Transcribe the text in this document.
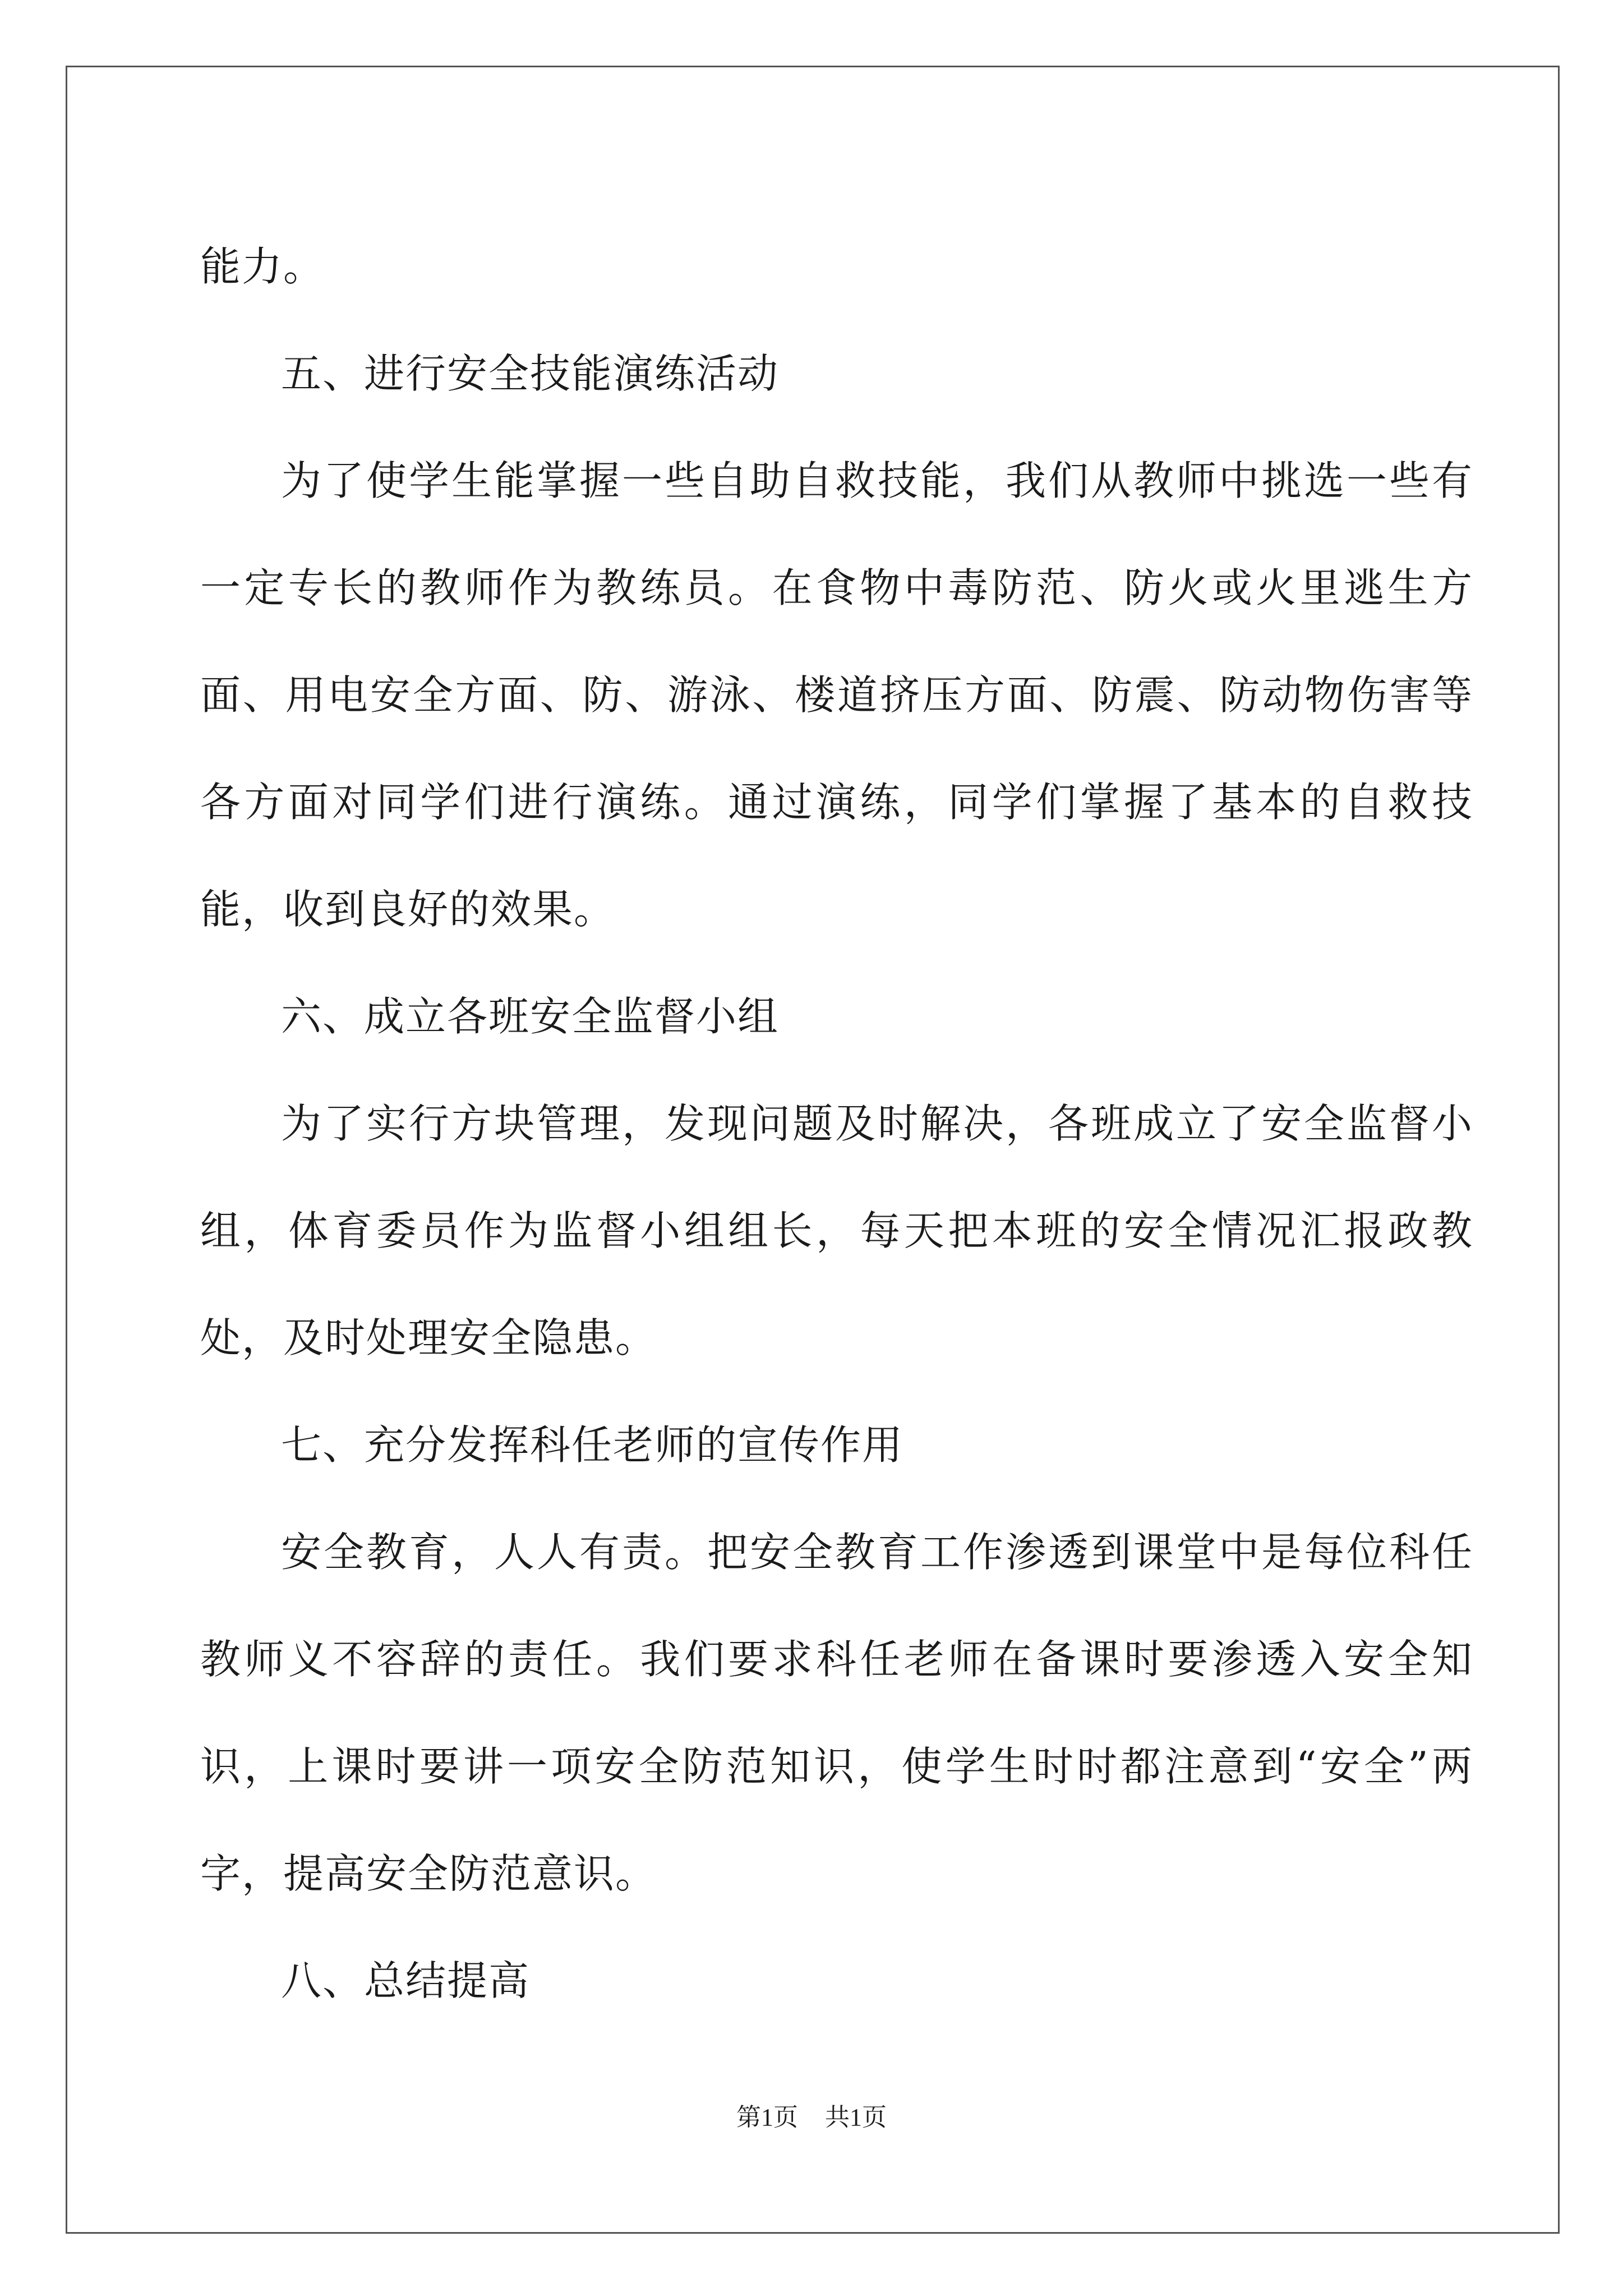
能力。

五、进行安全技能演练活动

为了使学生能掌握一些自助自救技能，我们从教师中挑选一些有一定专长的教师作为教练员。在食物中毒防范、防火或火里逃生方面、用电安全方面、防、游泳、楼道挤压方面、防震、防动物伤害等各方面对同学们进行演练。通过演练，同学们掌握了基本的自救技能，收到良好的效果。

六、成立各班安全监督小组

为了实行方块管理，发现问题及时解决，各班成立了安全监督小组，体育委员作为监督小组组长，每天把本班的安全情况汇报政教处，及时处理安全隐患。

七、充分发挥科任老师的宣传作用

安全教育，人人有责。把安全教育工作渗透到课堂中是每位科任教师义不容辞的责任。我们要求科任老师在备课时要渗透入安全知识，上课时要讲一项安全防范知识，使学生时时都注意到“安全”两字，提高安全防范意识。

八、总结提高

第1页 共1页
